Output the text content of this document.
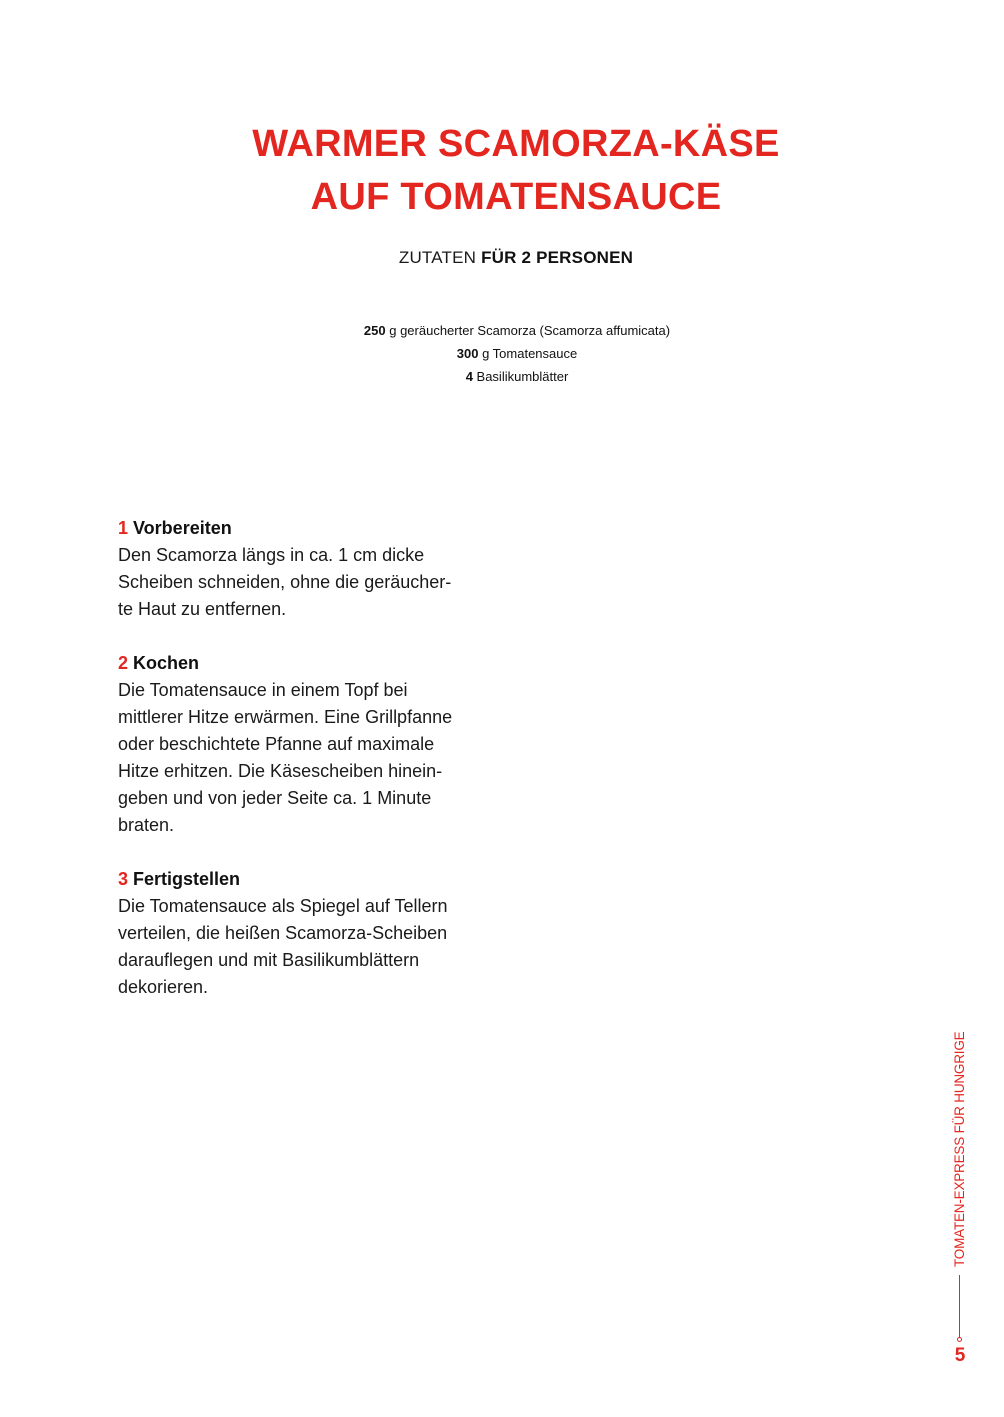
WARMER SCAMORZA-KÄSE
AUF TOMATENSAUCE
ZUTATEN FÜR 2 PERSONEN
250 g geräucherter Scamorza (Scamorza affumicata)
300 g Tomatensauce
4 Basilikumblätter
1 Vorbereiten
Den Scamorza längs in ca. 1 cm dicke
Scheiben schneiden, ohne die geräucher-
te Haut zu entfernen.
2 Kochen
Die Tomatensauce in einem Topf bei
mittlerer Hitze erwärmen. Eine Grillpfanne
oder beschichtete Pfanne auf maximale
Hitze erhitzen. Die Käsescheiben hinein-
geben und von jeder Seite ca. 1 Minute
braten.
3 Fertigstellen
Die Tomatensauce als Spiegel auf Tellern
verteilen, die heißen Scamorza-Scheiben
darauflegen und mit Basilikumblättern
dekorieren.
TOMATEN-EXPRESS FÜR HUNGRIGE
5
